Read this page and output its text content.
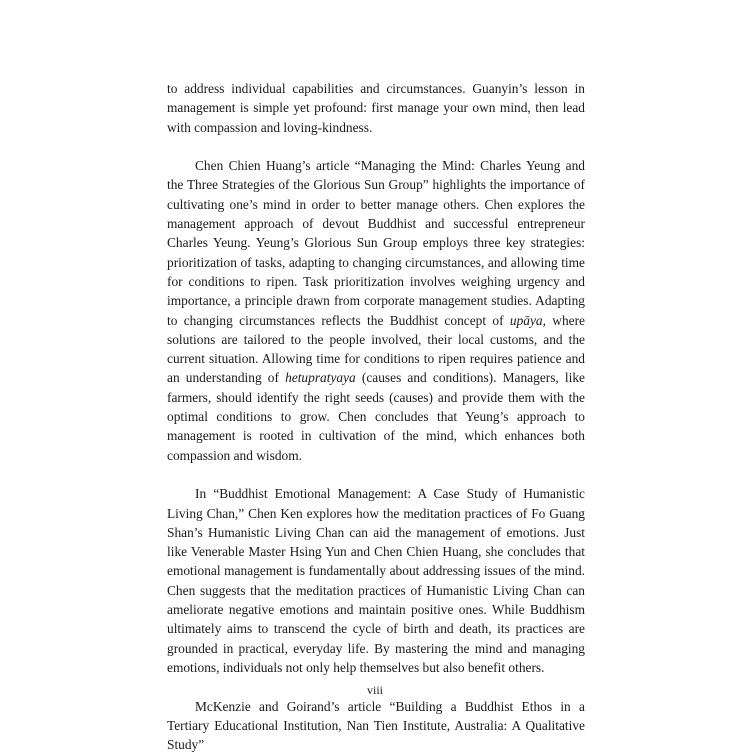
to address individual capabilities and circumstances. Guanyin’s lesson in management is simple yet profound: first manage your own mind, then lead with compassion and loving-kindness.

Chen Chien Huang’s article “Managing the Mind: Charles Yeung and the Three Strategies of the Glorious Sun Group” highlights the importance of cultivating one’s mind in order to better manage others. Chen explores the management approach of devout Buddhist and successful entrepreneur Charles Yeung. Yeung’s Glorious Sun Group employs three key strategies: prioritization of tasks, adapting to changing circumstances, and allowing time for conditions to ripen. Task prioritization involves weighing urgency and importance, a principle drawn from corporate management studies. Adapting to changing circumstances reflects the Buddhist concept of upāya, where solutions are tailored to the people involved, their local customs, and the current situation. Allowing time for conditions to ripen requires patience and an understanding of hetupratyaya (causes and conditions). Managers, like farmers, should identify the right seeds (causes) and provide them with the optimal conditions to grow. Chen concludes that Yeung’s approach to management is rooted in cultivation of the mind, which enhances both compassion and wisdom.

In “Buddhist Emotional Management: A Case Study of Humanistic Living Chan,” Chen Ken explores how the meditation practices of Fo Guang Shan’s Humanistic Living Chan can aid the management of emotions. Just like Venerable Master Hsing Yun and Chen Chien Huang, she concludes that emotional management is fundamentally about addressing issues of the mind. Chen suggests that the meditation practices of Humanistic Living Chan can ameliorate negative emotions and maintain positive ones. While Buddhism ultimately aims to transcend the cycle of birth and death, its practices are grounded in practical, everyday life. By mastering the mind and managing emotions, individuals not only help themselves but also benefit others.

McKenzie and Goirand’s article “Building a Buddhist Ethos in a Tertiary Educational Institution, Nan Tien Institute, Australia: A Qualitative Study”

viii
